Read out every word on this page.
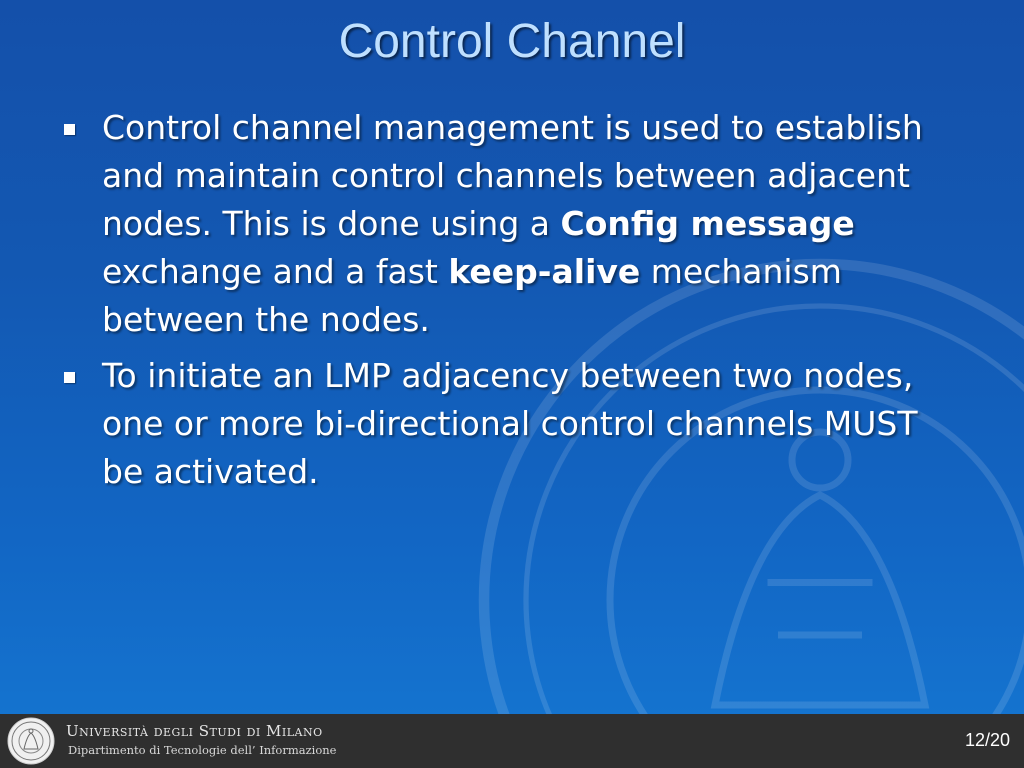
Control Channel
Control channel management is used to establish and maintain control channels between adjacent nodes. This is done using a Config message exchange and a fast keep-alive mechanism between the nodes.
To initiate an LMP adjacency between two nodes, one or more bi-directional control channels MUST be activated.
Università degli Studi di Milano
Dipartimento di Tecnologie dell’ Informazione	12/20
